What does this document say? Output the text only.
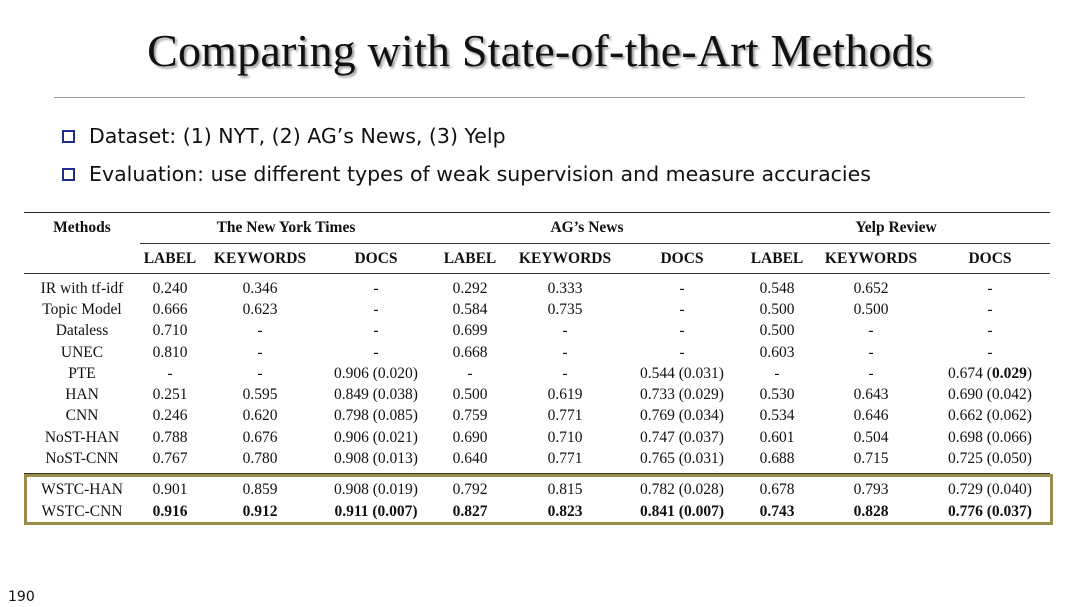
Comparing with State-of-the-Art Methods
Dataset: (1) NYT, (2) AG’s News, (3) Yelp
Evaluation: use different types of weak supervision and measure accuracies
Methods	The New York Times			AG’s News			Yelp Review		
	LABEL	KEYWORDS	DOCS	LABEL	KEYWORDS	DOCS	LABEL	KEYWORDS	DOCS
IR with tf-idf	0.240	0.346	-	0.292	0.333	-	0.548	0.652	-
Topic Model	0.666	0.623	-	0.584	0.735	-	0.500	0.500	-
Dataless	0.710	-	-	0.699	-	-	0.500	-	-
UNEC	0.810	-	-	0.668	-	-	0.603	-	-
PTE	-	-	0.906 (0.020)	-	-	0.544 (0.031)	-	-	0.674 (0.029)
HAN	0.251	0.595	0.849 (0.038)	0.500	0.619	0.733 (0.029)	0.530	0.643	0.690 (0.042)
CNN	0.246	0.620	0.798 (0.085)	0.759	0.771	0.769 (0.034)	0.534	0.646	0.662 (0.062)
NoST-HAN	0.788	0.676	0.906 (0.021)	0.690	0.710	0.747 (0.037)	0.601	0.504	0.698 (0.066)
NoST-CNN	0.767	0.780	0.908 (0.013)	0.640	0.771	0.765 (0.031)	0.688	0.715	0.725 (0.050)
WSTC-HAN	0.901	0.859	0.908 (0.019)	0.792	0.815	0.782 (0.028)	0.678	0.793	0.729 (0.040)
WSTC-CNN	0.916	0.912	0.911 (0.007)	0.827	0.823	0.841 (0.007)	0.743	0.828	0.776 (0.037)
190
